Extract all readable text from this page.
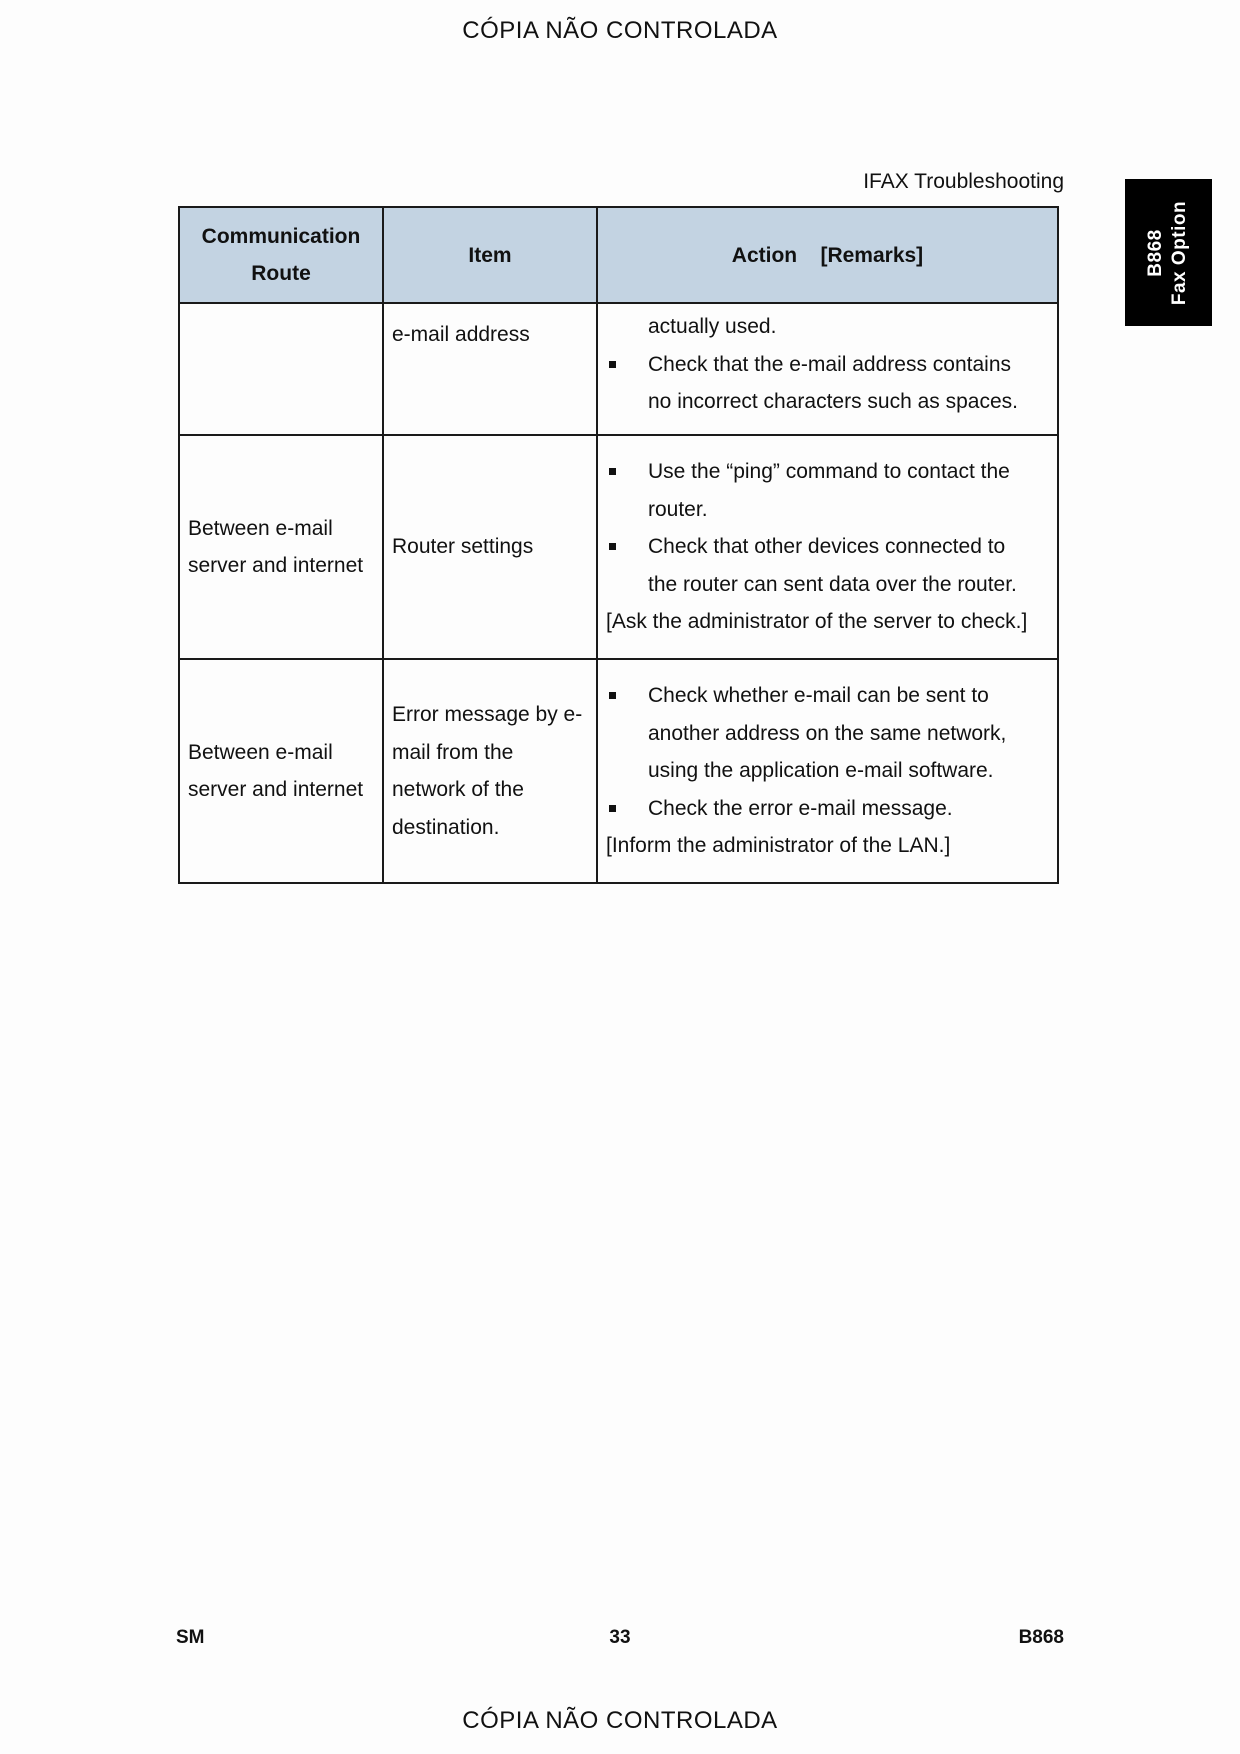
CÓPIA NÃO CONTROLADA
IFAX Troubleshooting
B868 Fax Option
Communication Route	Item	Action    [Remarks]
	e-mail address	actually used.
Check that the e-mail address contains
no incorrect characters such as spaces.

Between e-mail server and internet	Router settings	Use the “ping” command to contact the
router.
Check that other devices connected to
the router can sent data over the router.
[Ask the administrator of the server to check.]

Between e-mail server and internet	Error message by e-mail from the network of the destination.	Check whether e-mail can be sent to
another address on the same network,
using the application e-mail software.
Check the error e-mail message.
[Inform the administrator of the LAN.]
SM	33	B868
CÓPIA NÃO CONTROLADA
